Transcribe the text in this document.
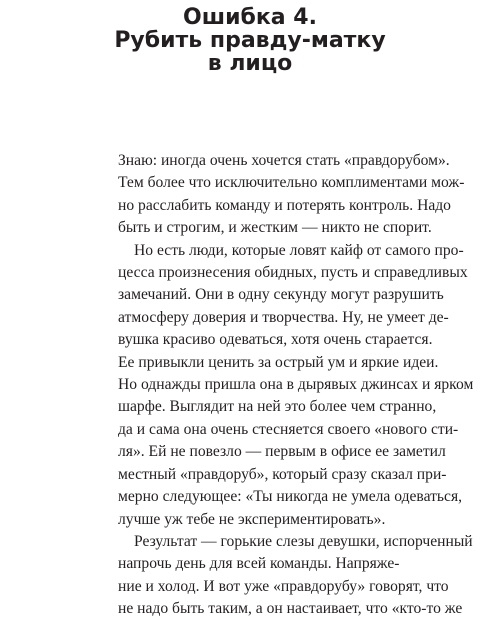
Ошибка 4.
Рубить правду-матку
в лицо

Знаю: иногда очень хочется стать «правдорубом».
Тем более что исключительно комплиментами мож-
но расслабить команду и потерять контроль. Надо
быть и строгим, и жестким — никто не спорит.

Но есть люди, которые ловят кайф от самого про-
цесса произнесения обидных, пусть и справедливых
замечаний. Они в одну секунду могут разрушить
атмосферу доверия и творчества. Ну, не умеет де-
вушка красиво одеваться, хотя очень старается.
Ее привыкли ценить за острый ум и яркие идеи.
Но однажды пришла она в дырявых джинсах и ярком
шарфе. Выглядит на ней это более чем странно,
да и сама она очень стесняется своего «нового сти-
ля». Ей не повезло — первым в офисе ее заметил
местный «правдоруб», который сразу сказал при-
мерно следующее: «Ты никогда не умела одеваться,
лучше уж тебе не экспериментировать».

Результат — горькие слезы девушки, испорченный
напрочь день для всей команды. Напряже-
ние и холод. И вот уже «правдорубу» говорят, что
не надо быть таким, а он настаивает, что «кто-то же
